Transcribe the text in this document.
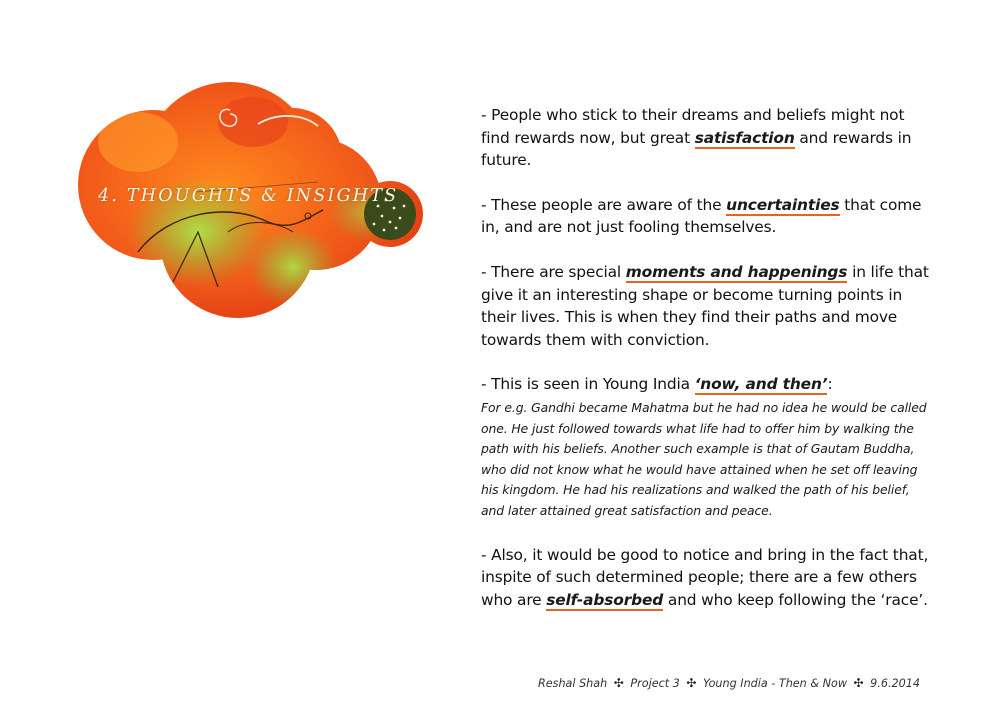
4. THOUGHTS & INSIGHTS

- People who stick to their dreams and beliefs might not find rewards now, but great satisfaction and rewards in future.

- These people are aware of the uncertainties that come in, and are not just fooling themselves.

- There are special moments and happenings in life that give it an interesting shape or become turning points in their lives. This is when they find their paths and move towards them with conviction.

- This is seen in Young India ‘now, and then’:

For e.g. Gandhi became Mahatma but he had no idea he would be called one. He just followed towards what life had to offer him by walking the path with his beliefs. Another such example is that of Gautam Buddha, who did not know what he would have attained when he set off leaving his kingdom. He had his realizations and walked the path of his belief, and later attained great satisfaction and peace.

- Also, it would be good to notice and bring in the fact that, inspite of such determined people; there are a few others who are self-absorbed and who keep following the ‘race’.

Reshal Shah ✣ Project 3 ✣ Young India - Then & Now ✣ 9.6.2014
